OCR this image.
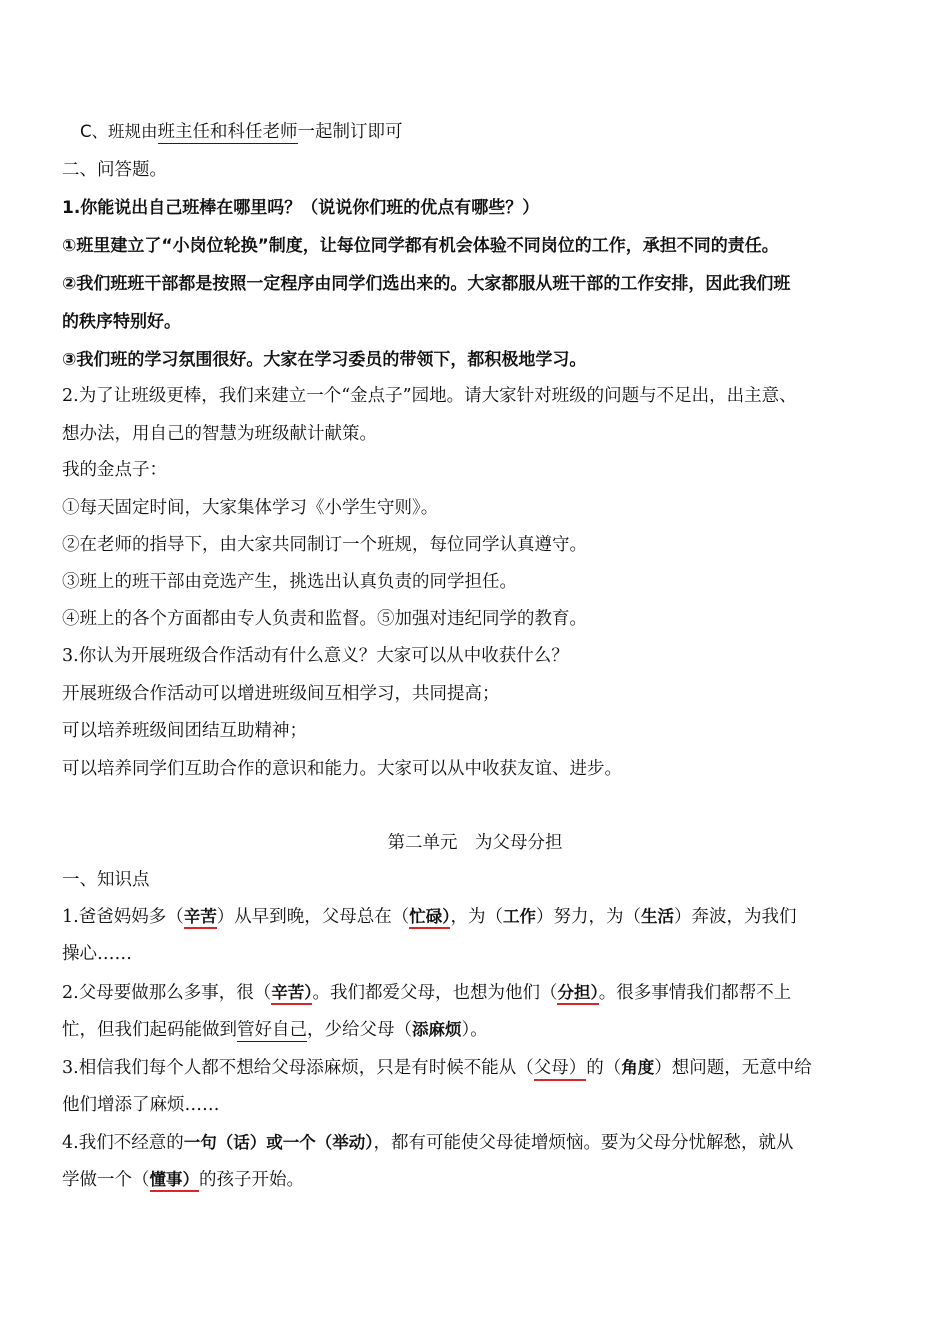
C、班规由班主任和科任老师一起制订即可
二、问答题。
1.你能说出自己班棒在哪里吗？（说说你们班的优点有哪些？）
①班里建立了“小岗位轮换”制度，让每位同学都有机会体验不同岗位的工作，承担不同的责任。
②我们班班干部都是按照一定程序由同学们选出来的。大家都服从班干部的工作安排，因此我们班
的秩序特别好。
③我们班的学习氛围很好。大家在学习委员的带领下，都积极地学习。
2.为了让班级更棒，我们来建立一个“金点子”园地。请大家针对班级的问题与不足出，出主意、
想办法，用自己的智慧为班级献计献策。
我的金点子：
①每天固定时间，大家集体学习《小学生守则》。
②在老师的指导下，由大家共同制订一个班规，每位同学认真遵守。
③班上的班干部由竞选产生，挑选出认真负责的同学担任。
④班上的各个方面都由专人负责和监督。⑤加强对违纪同学的教育。
3.你认为开展班级合作活动有什么意义？大家可以从中收获什么？
开展班级合作活动可以增进班级间互相学习，共同提高；
可以培养班级间团结互助精神；
可以培养同学们互助合作的意识和能力。大家可以从中收获友谊、进步。
第二单元　为父母分担
一、知识点
1.爸爸妈妈多（辛苦）从早到晚，父母总在（忙碌），为（工作）努力，为（生活）奔波，为我们
操心……
2.父母要做那么多事，很（辛苦）。我们都爱父母，也想为他们（分担）。很多事情我们都帮不上
忙，但我们起码能做到管好自己，少给父母（添麻烦）。
3.相信我们每个人都不想给父母添麻烦，只是有时候不能从（父母）的（角度）想问题，无意中给
他们增添了麻烦……
4.我们不经意的一句（话）或一个（举动），都有可能使父母徒增烦恼。要为父母分忧解愁，就从
学做一个（懂事）的孩子开始。
